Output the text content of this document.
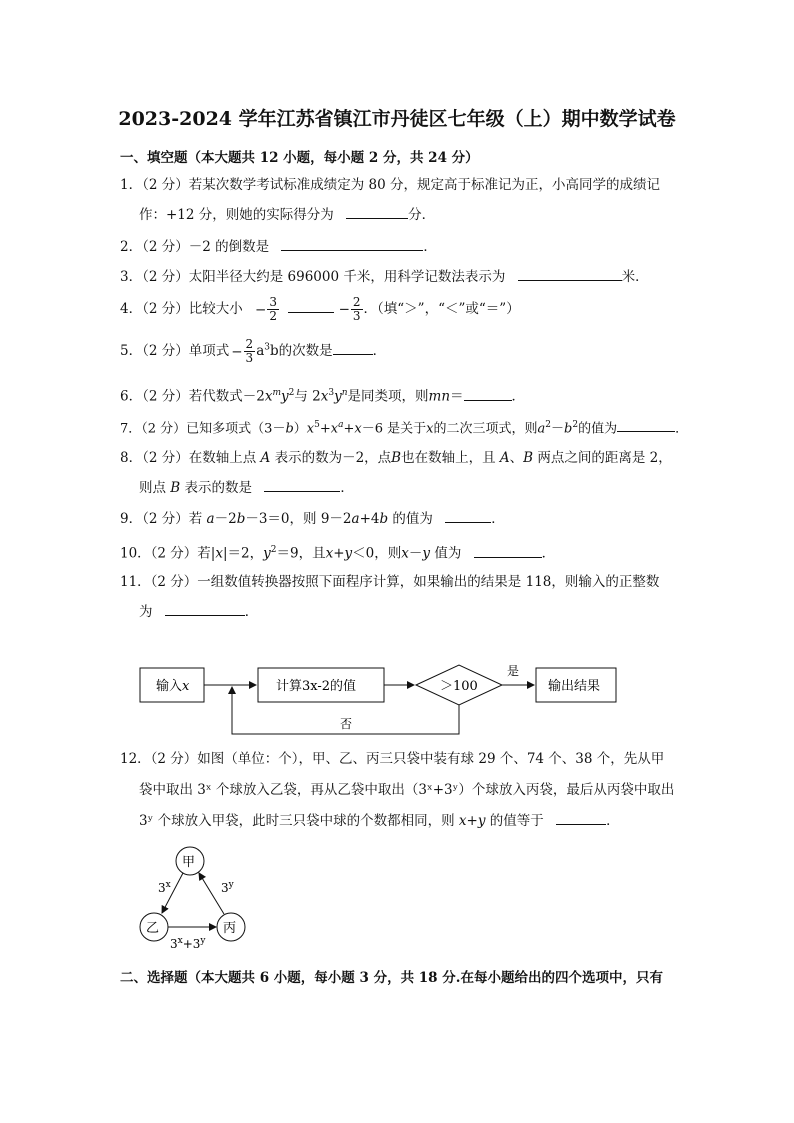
2023-2024 学年江苏省镇江市丹徒区七年级（上）期中数学试卷
一、填空题（本大题共 12 小题，每小题 2 分，共 24 分）
1．（2 分）若某次数学考试标准成绩定为 80 分，规定高于标准记为正，小高同学的成绩记
作：+12 分，则她的实际得分为	分．
2．（2 分）－2 的倒数是	．
3．（2 分）太阳半径大约是 696000 千米，用科学记数法表示为	米．
4．（2 分）比较大小 − $\frac{3}{2}$	− $\frac{2}{3}$ ．（填“＞”，“＜”或“＝”）
5．（2 分）单项式 − $\frac{2}{3} a^3b$的次数是	．
6．（2 分）若代数式$-2x^my^2$与 $2x^3y^n$是同类项，则mn＝	．
7．（2 分）已知多项式$(3-b)x^5+x^a+x-6$ 是关于x的二次三项式，则$a^2-b^2$的值为	．
8．（2 分）在数轴上点 A 表示的数为－2，点B也在数轴上，且 A、B 两点之间的距离是 2，
则点 B 表示的数是	．
9．（2 分）若 a－2b－3＝0，则 9－2a+4b 的值为	．
10．（2 分）若|x|＝2，$y^2=9$，且x+y＜0，则x－y 值为	．
11．（2 分）一组数值转换器按照下面程序计算，如果输出的结果是 118，则输入的正整数
为	．
输入x	计算3x-2的值	＞100
是
输出结果
否
12．（2 分）如图（单位：个），甲、乙、丙三只袋中装有球 29 个、74 个、38 个，先从甲
袋中取出 3ˣ 个球放入乙袋，再从乙袋中取出（3ˣ+3ʸ）个球放入丙袋，最后从丙袋中取出
3ʸ 个球放入甲袋，此时三只袋中球的个数都相同，则 x+y 的值等于	．
甲
乙	丙
3$^x$	3$^y$
$3^x+3^y$
二、选择题（本大题共 6 小题，每小题 3 分，共 18 分.在每小题给出的四个选项中，只有
